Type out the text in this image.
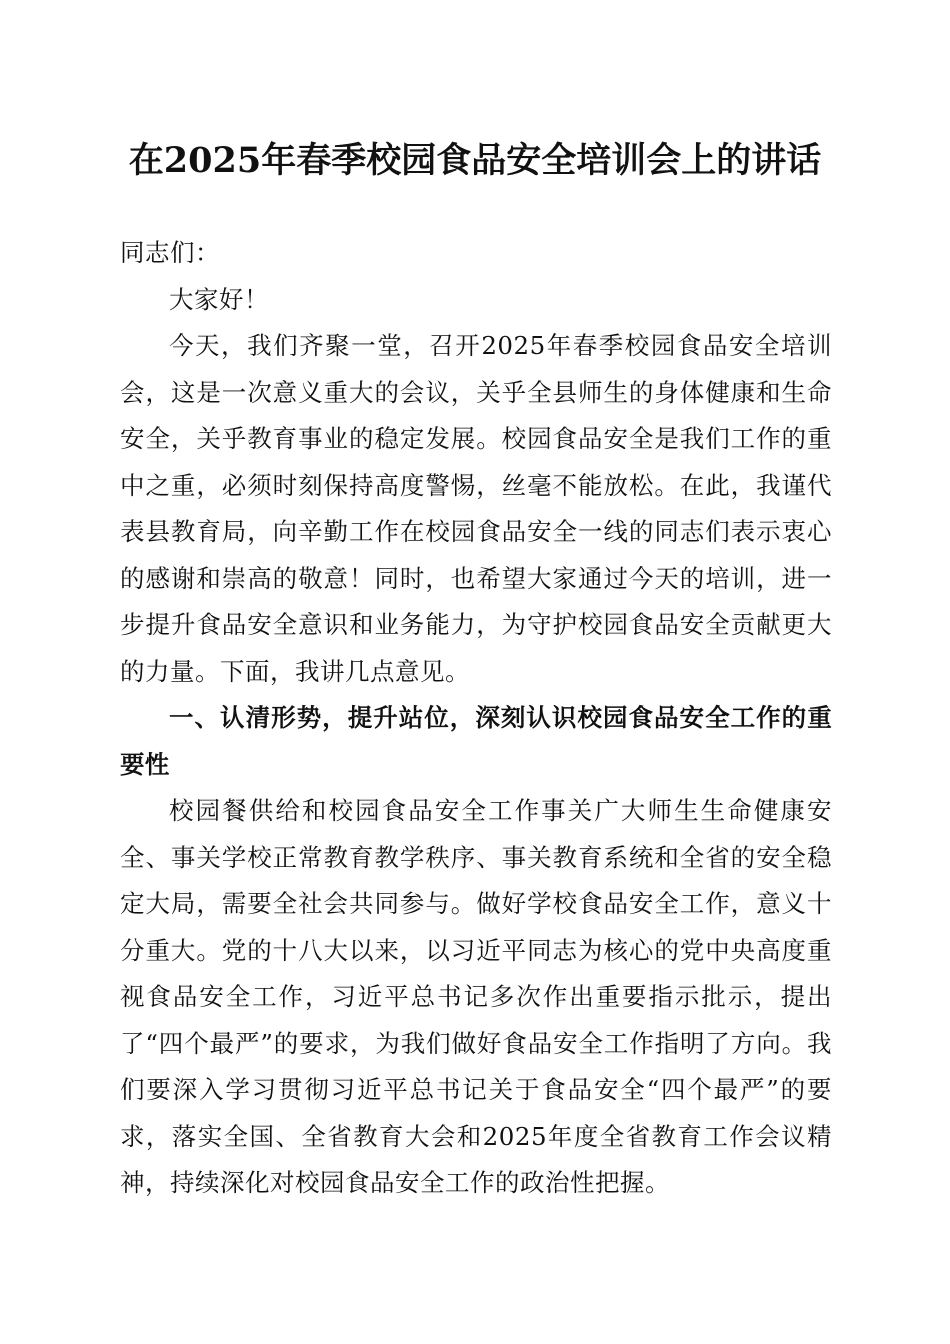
在2025年春季校园食品安全培训会上的讲话

同志们：

大家好！

今天，我们齐聚一堂，召开2025年春季校园食品安全培训会，这是一次意义重大的会议，关乎全县师生的身体健康和生命安全，关乎教育事业的稳定发展。校园食品安全是我们工作的重中之重，必须时刻保持高度警惕，丝毫不能放松。在此，我谨代表县教育局，向辛勤工作在校园食品安全一线的同志们表示衷心的感谢和崇高的敬意！同时，也希望大家通过今天的培训，进一步提升食品安全意识和业务能力，为守护校园食品安全贡献更大的力量。下面，我讲几点意见。

一、认清形势，提升站位，深刻认识校园食品安全工作的重要性

校园餐供给和校园食品安全工作事关广大师生生命健康安全、事关学校正常教育教学秩序、事关教育系统和全省的安全稳定大局，需要全社会共同参与。做好学校食品安全工作，意义十分重大。党的十八大以来，以习近平同志为核心的党中央高度重视食品安全工作，习近平总书记多次作出重要指示批示，提出了“四个最严”的要求，为我们做好食品安全工作指明了方向。我们要深入学习贯彻习近平总书记关于食品安全“四个最严”的要求，落实全国、全省教育大会和2025年度全省教育工作会议精神，持续深化对校园食品安全工作的政治性把握。
